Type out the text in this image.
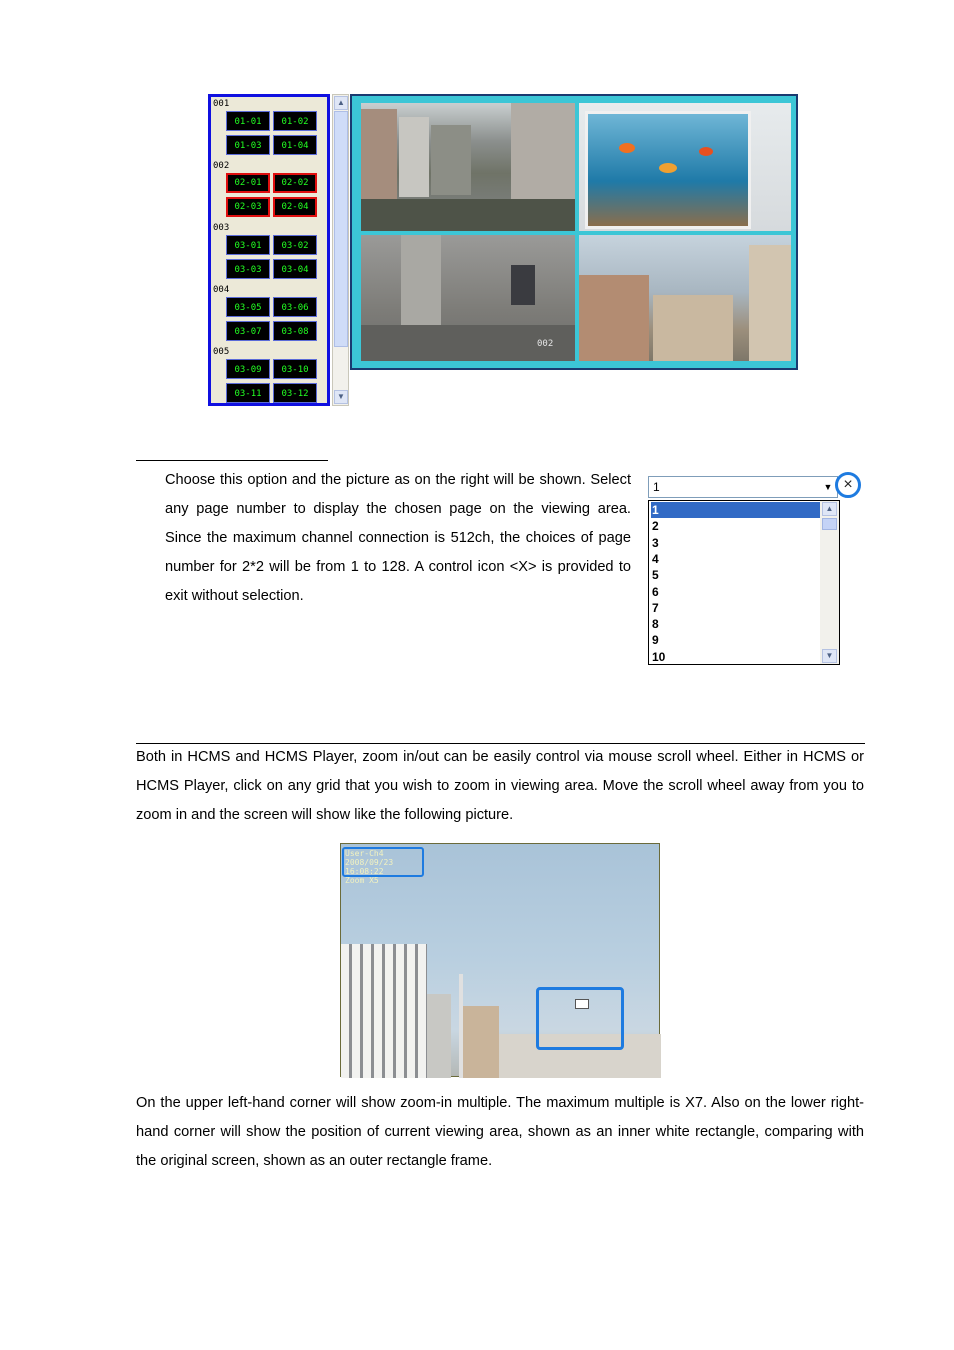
001
01-01	01-02
01-03	01-04
002
02-01	02-02
02-03	02-04
003
03-01	03-02
03-03	03-04
004
03-05	03-06
03-07	03-08
005
03-09	03-10
03-11	03-12
▲
▼
002
Choose this option and the picture as on the right will be shown. Select any page number to display the chosen page on the viewing area. Since the maximum channel connection is 512ch, the choices of page number for 2*2 will be from 1 to 128. A control icon <X> is provided to exit without selection.
1	▼ ×
▲
▼
1
2
3
4
5
6
7
8
9
10
Both in HCMS and HCMS Player, zoom in/out can be easily control via mouse scroll wheel. Either in HCMS or HCMS Player, click on any grid that you wish to zoom in viewing area. Move the scroll wheel away from you to zoom in and the screen will show like the following picture.
User-Ch4
2008/09/23 16:08:22
Zoom X5
On the upper left-hand corner will show zoom-in multiple. The maximum multiple is X7. Also on the lower right-hand corner will show the position of current viewing area, shown as an inner white rectangle, comparing with the original screen, shown as an outer rectangle frame.
